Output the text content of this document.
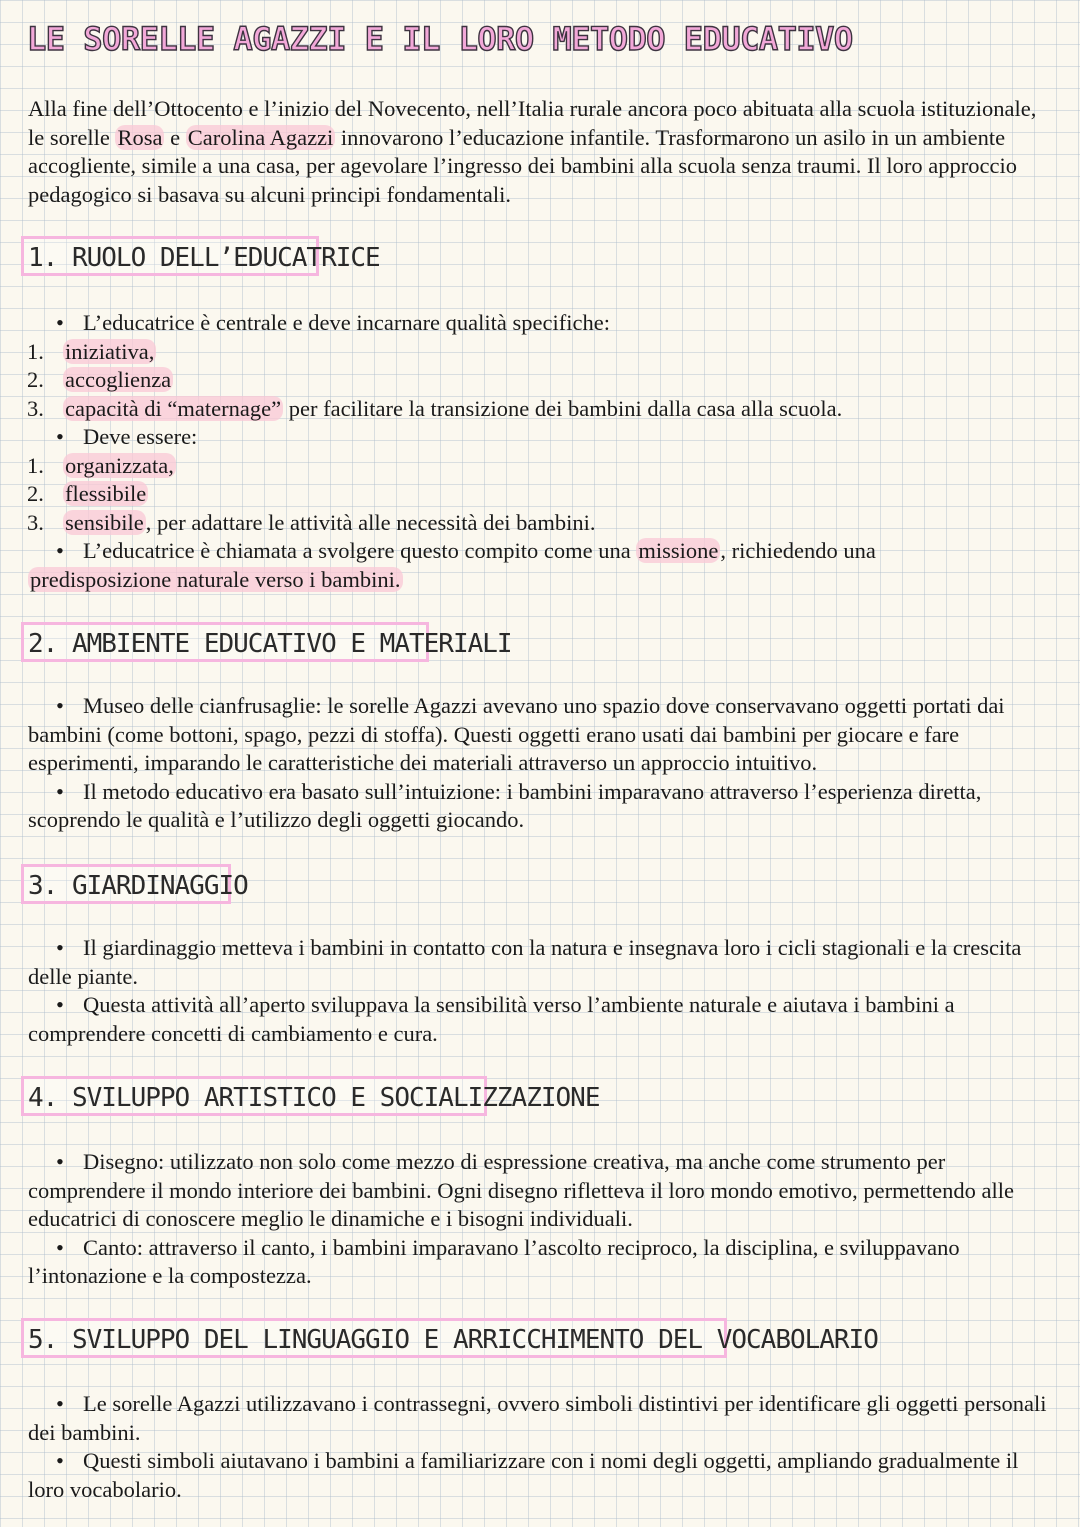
LE SORELLE AGAZZI E IL LORO METODO EDUCATIVO

Alla fine dell’Ottocento e l’inizio del Novecento, nell’Italia rurale ancora poco abituata alla scuola istituzionale, le sorelle Rosa e Carolina Agazzi innovarono l’educazione infantile. Trasformarono un asilo in un ambiente accogliente, simile a una casa, per agevolare l’ingresso dei bambini alla scuola senza traumi. Il loro approccio pedagogico si basava su alcuni principi fondamentali.

1. RUOLO DELL’EDUCATRICE
• L’educatrice è centrale e deve incarnare qualità specifiche:
1. iniziativa,
2. accoglienza
3. capacità di “maternage” per facilitare la transizione dei bambini dalla casa alla scuola.
• Deve essere:
1. organizzata,
2. flessibile
3. sensibile, per adattare le attività alle necessità dei bambini.
• L’educatrice è chiamata a svolgere questo compito come una missione, richiedendo una
predisposizione naturale verso i bambini.
2. AMBIENTE EDUCATIVO E MATERIALI

• Museo delle cianfrusaglie: le sorelle Agazzi avevano uno spazio dove conservavano oggetti portati dai bambini (come bottoni, spago, pezzi di stoffa). Questi oggetti erano usati dai bambini per giocare e fare esperimenti, imparando le caratteristiche dei materiali attraverso un approccio intuitivo.

• Il metodo educativo era basato sull’intuizione: i bambini imparavano attraverso l’esperienza diretta, scoprendo le qualità e l’utilizzo degli oggetti giocando.

3. GIARDINAGGIO

• Il giardinaggio metteva i bambini in contatto con la natura e insegnava loro i cicli stagionali e la crescita delle piante.

• Questa attività all’aperto sviluppava la sensibilità verso l’ambiente naturale e aiutava i bambini a comprendere concetti di cambiamento e cura.

4. SVILUPPO ARTISTICO E SOCIALIZZAZIONE

• Disegno: utilizzato non solo come mezzo di espressione creativa, ma anche come strumento per comprendere il mondo interiore dei bambini. Ogni disegno rifletteva il loro mondo emotivo, permettendo alle educatrici di conoscere meglio le dinamiche e i bisogni individuali.

• Canto: attraverso il canto, i bambini imparavano l’ascolto reciproco, la disciplina, e sviluppavano l’intonazione e la compostezza.

5. SVILUPPO DEL LINGUAGGIO E ARRICCHIMENTO DEL VOCABOLARIO

• Le sorelle Agazzi utilizzavano i contrassegni, ovvero simboli distintivi per identificare gli oggetti personali dei bambini.

• Questi simboli aiutavano i bambini a familiarizzare con i nomi degli oggetti, ampliando gradualmente il loro vocabolario.
